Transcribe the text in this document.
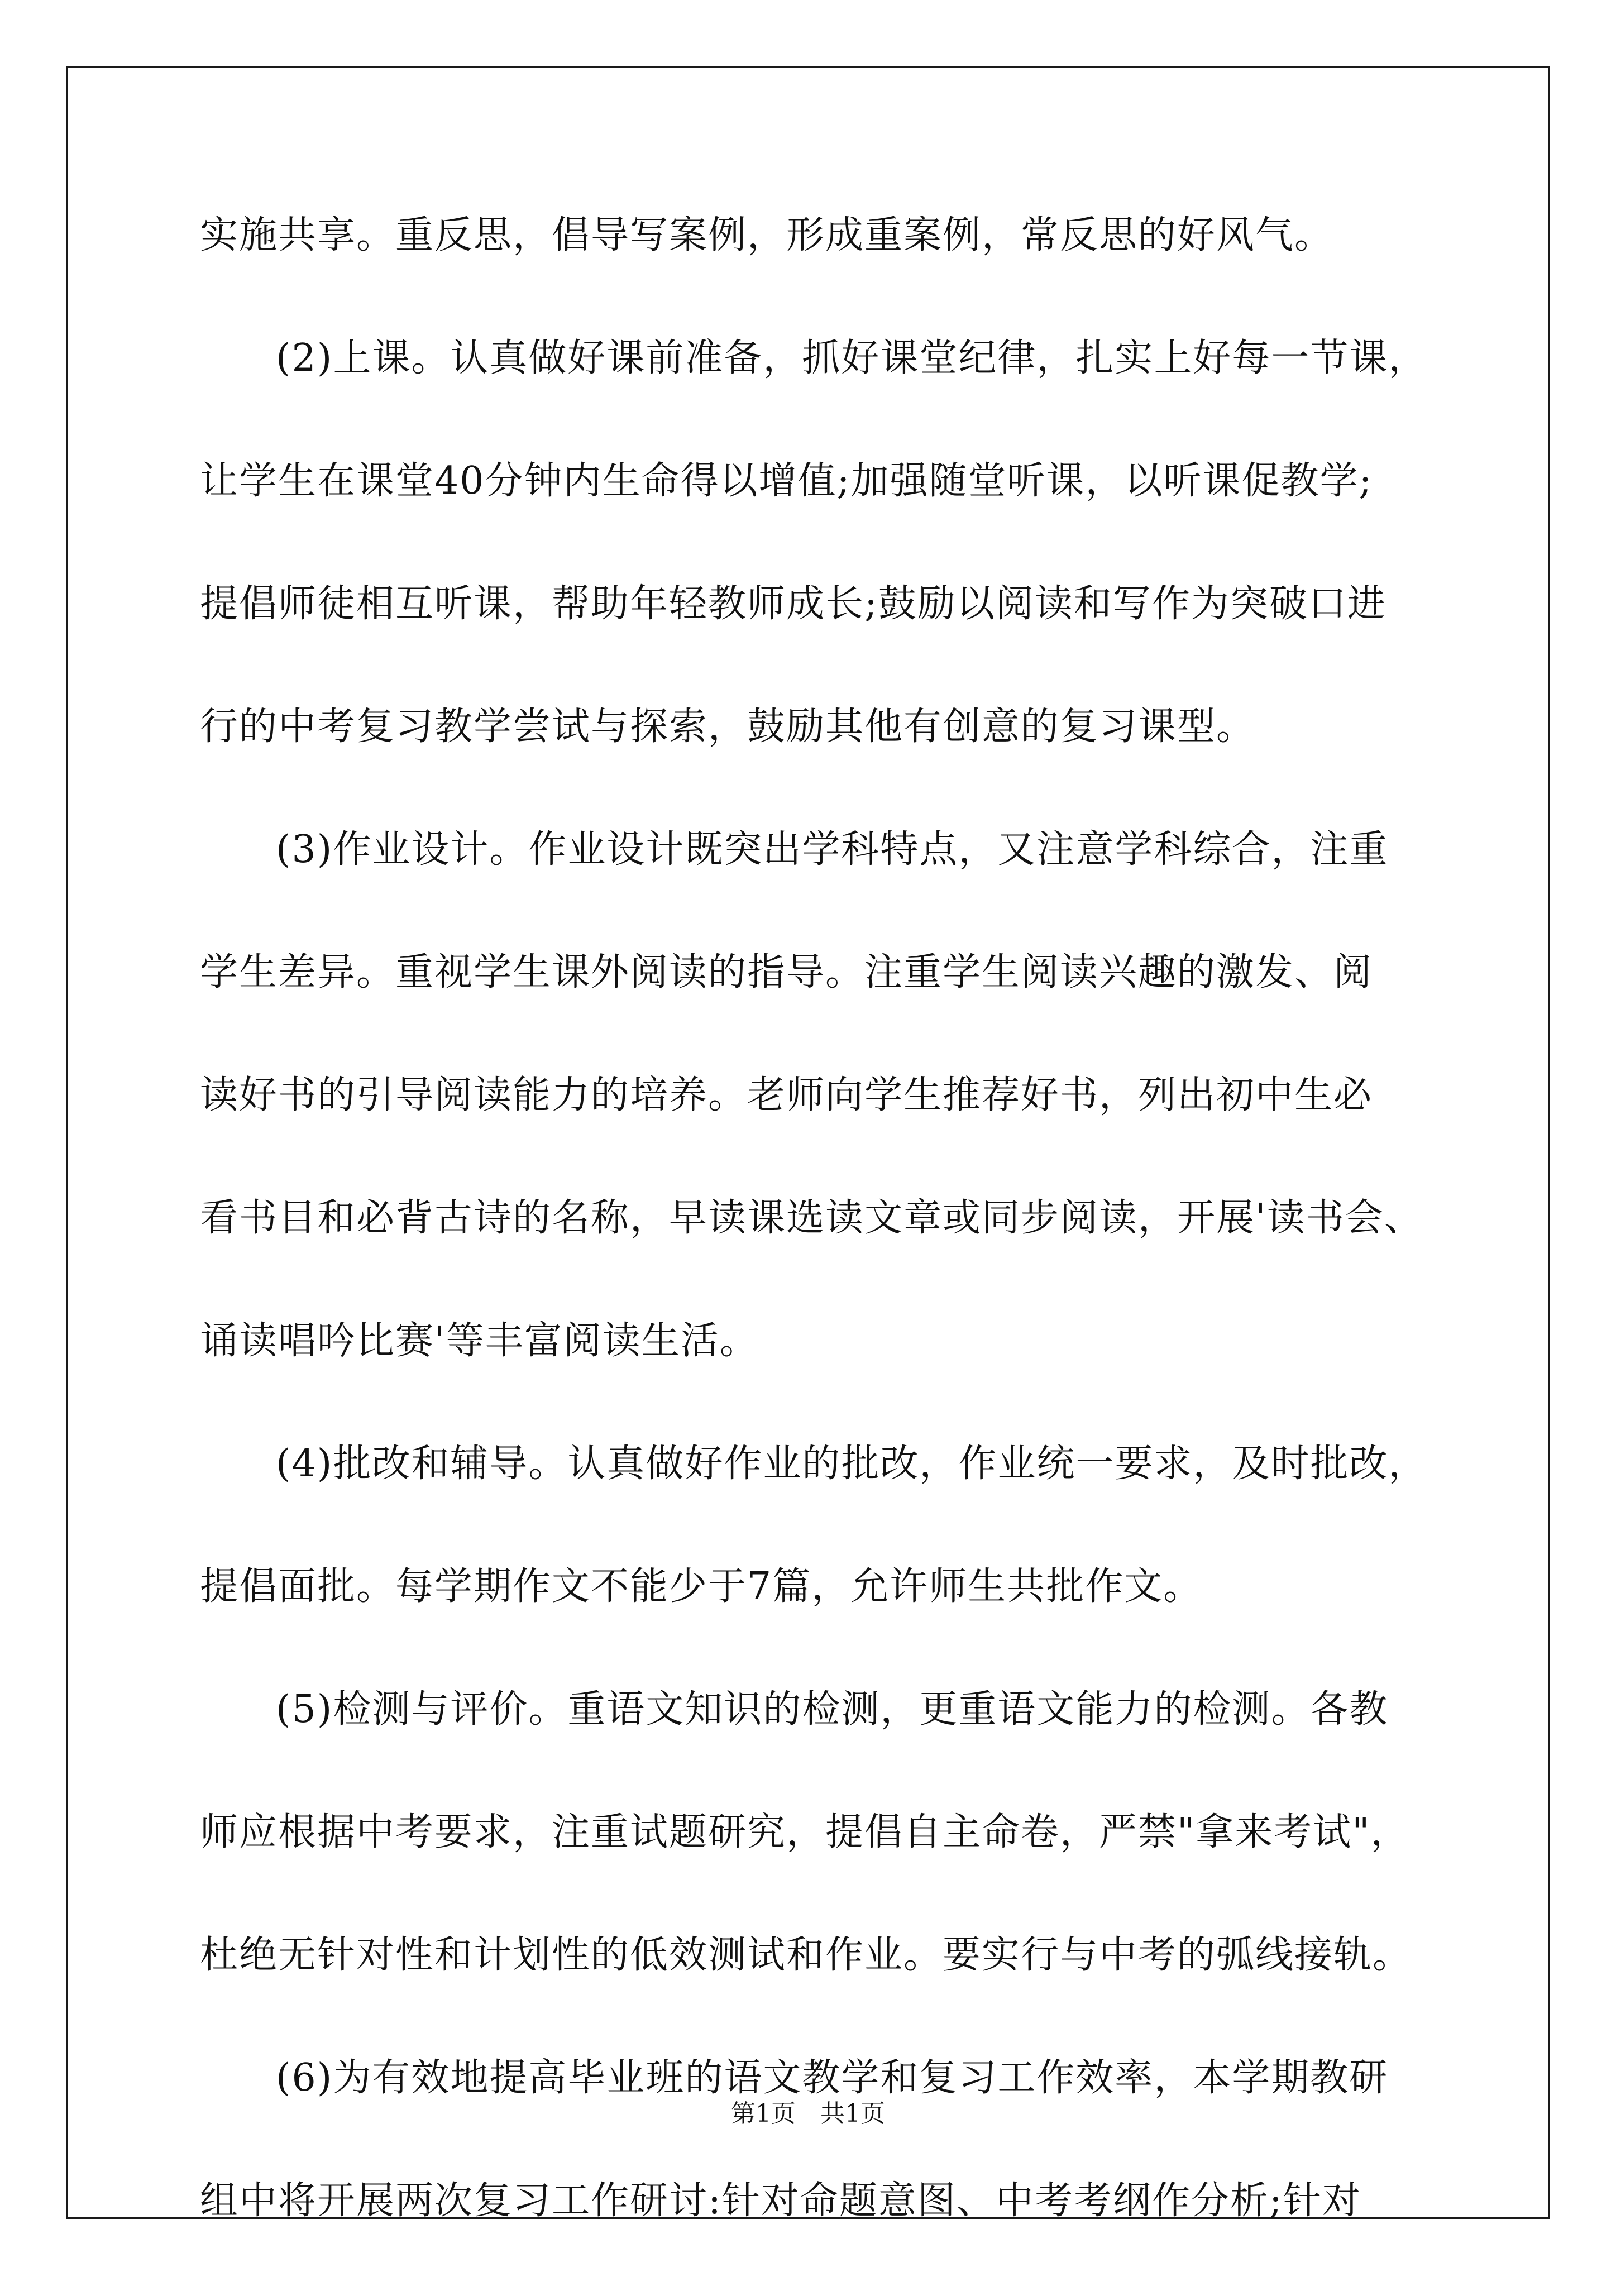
实施共享。重反思，倡导写案例，形成重案例，常反思的好风气。
(2)上课。认真做好课前准备，抓好课堂纪律，扎实上好每一节课，
让学生在课堂40分钟内生命得以增值;加强随堂听课，以听课促教学;
提倡师徒相互听课，帮助年轻教师成长;鼓励以阅读和写作为突破口进
行的中考复习教学尝试与探索，鼓励其他有创意的复习课型。
(3)作业设计。作业设计既突出学科特点，又注意学科综合，注重
学生差异。重视学生课外阅读的指导。注重学生阅读兴趣的激发、阅
读好书的引导阅读能力的培养。老师向学生推荐好书，列出初中生必
看书目和必背古诗的名称，早读课选读文章或同步阅读，开展'读书会、
诵读唱吟比赛'等丰富阅读生活。
(4)批改和辅导。认真做好作业的批改，作业统一要求，及时批改，
提倡面批。每学期作文不能少于7篇，允许师生共批作文。
(5)检测与评价。重语文知识的检测，更重语文能力的检测。各教
师应根据中考要求，注重试题研究，提倡自主命卷，严禁"拿来考试"，
杜绝无针对性和计划性的低效测试和作业。要实行与中考的弧线接轨。
(6)为有效地提高毕业班的语文教学和复习工作效率，本学期教研
组中将开展两次复习工作研讨:针对命题意图、中考考纲作分析;针对
第1页　共1页
